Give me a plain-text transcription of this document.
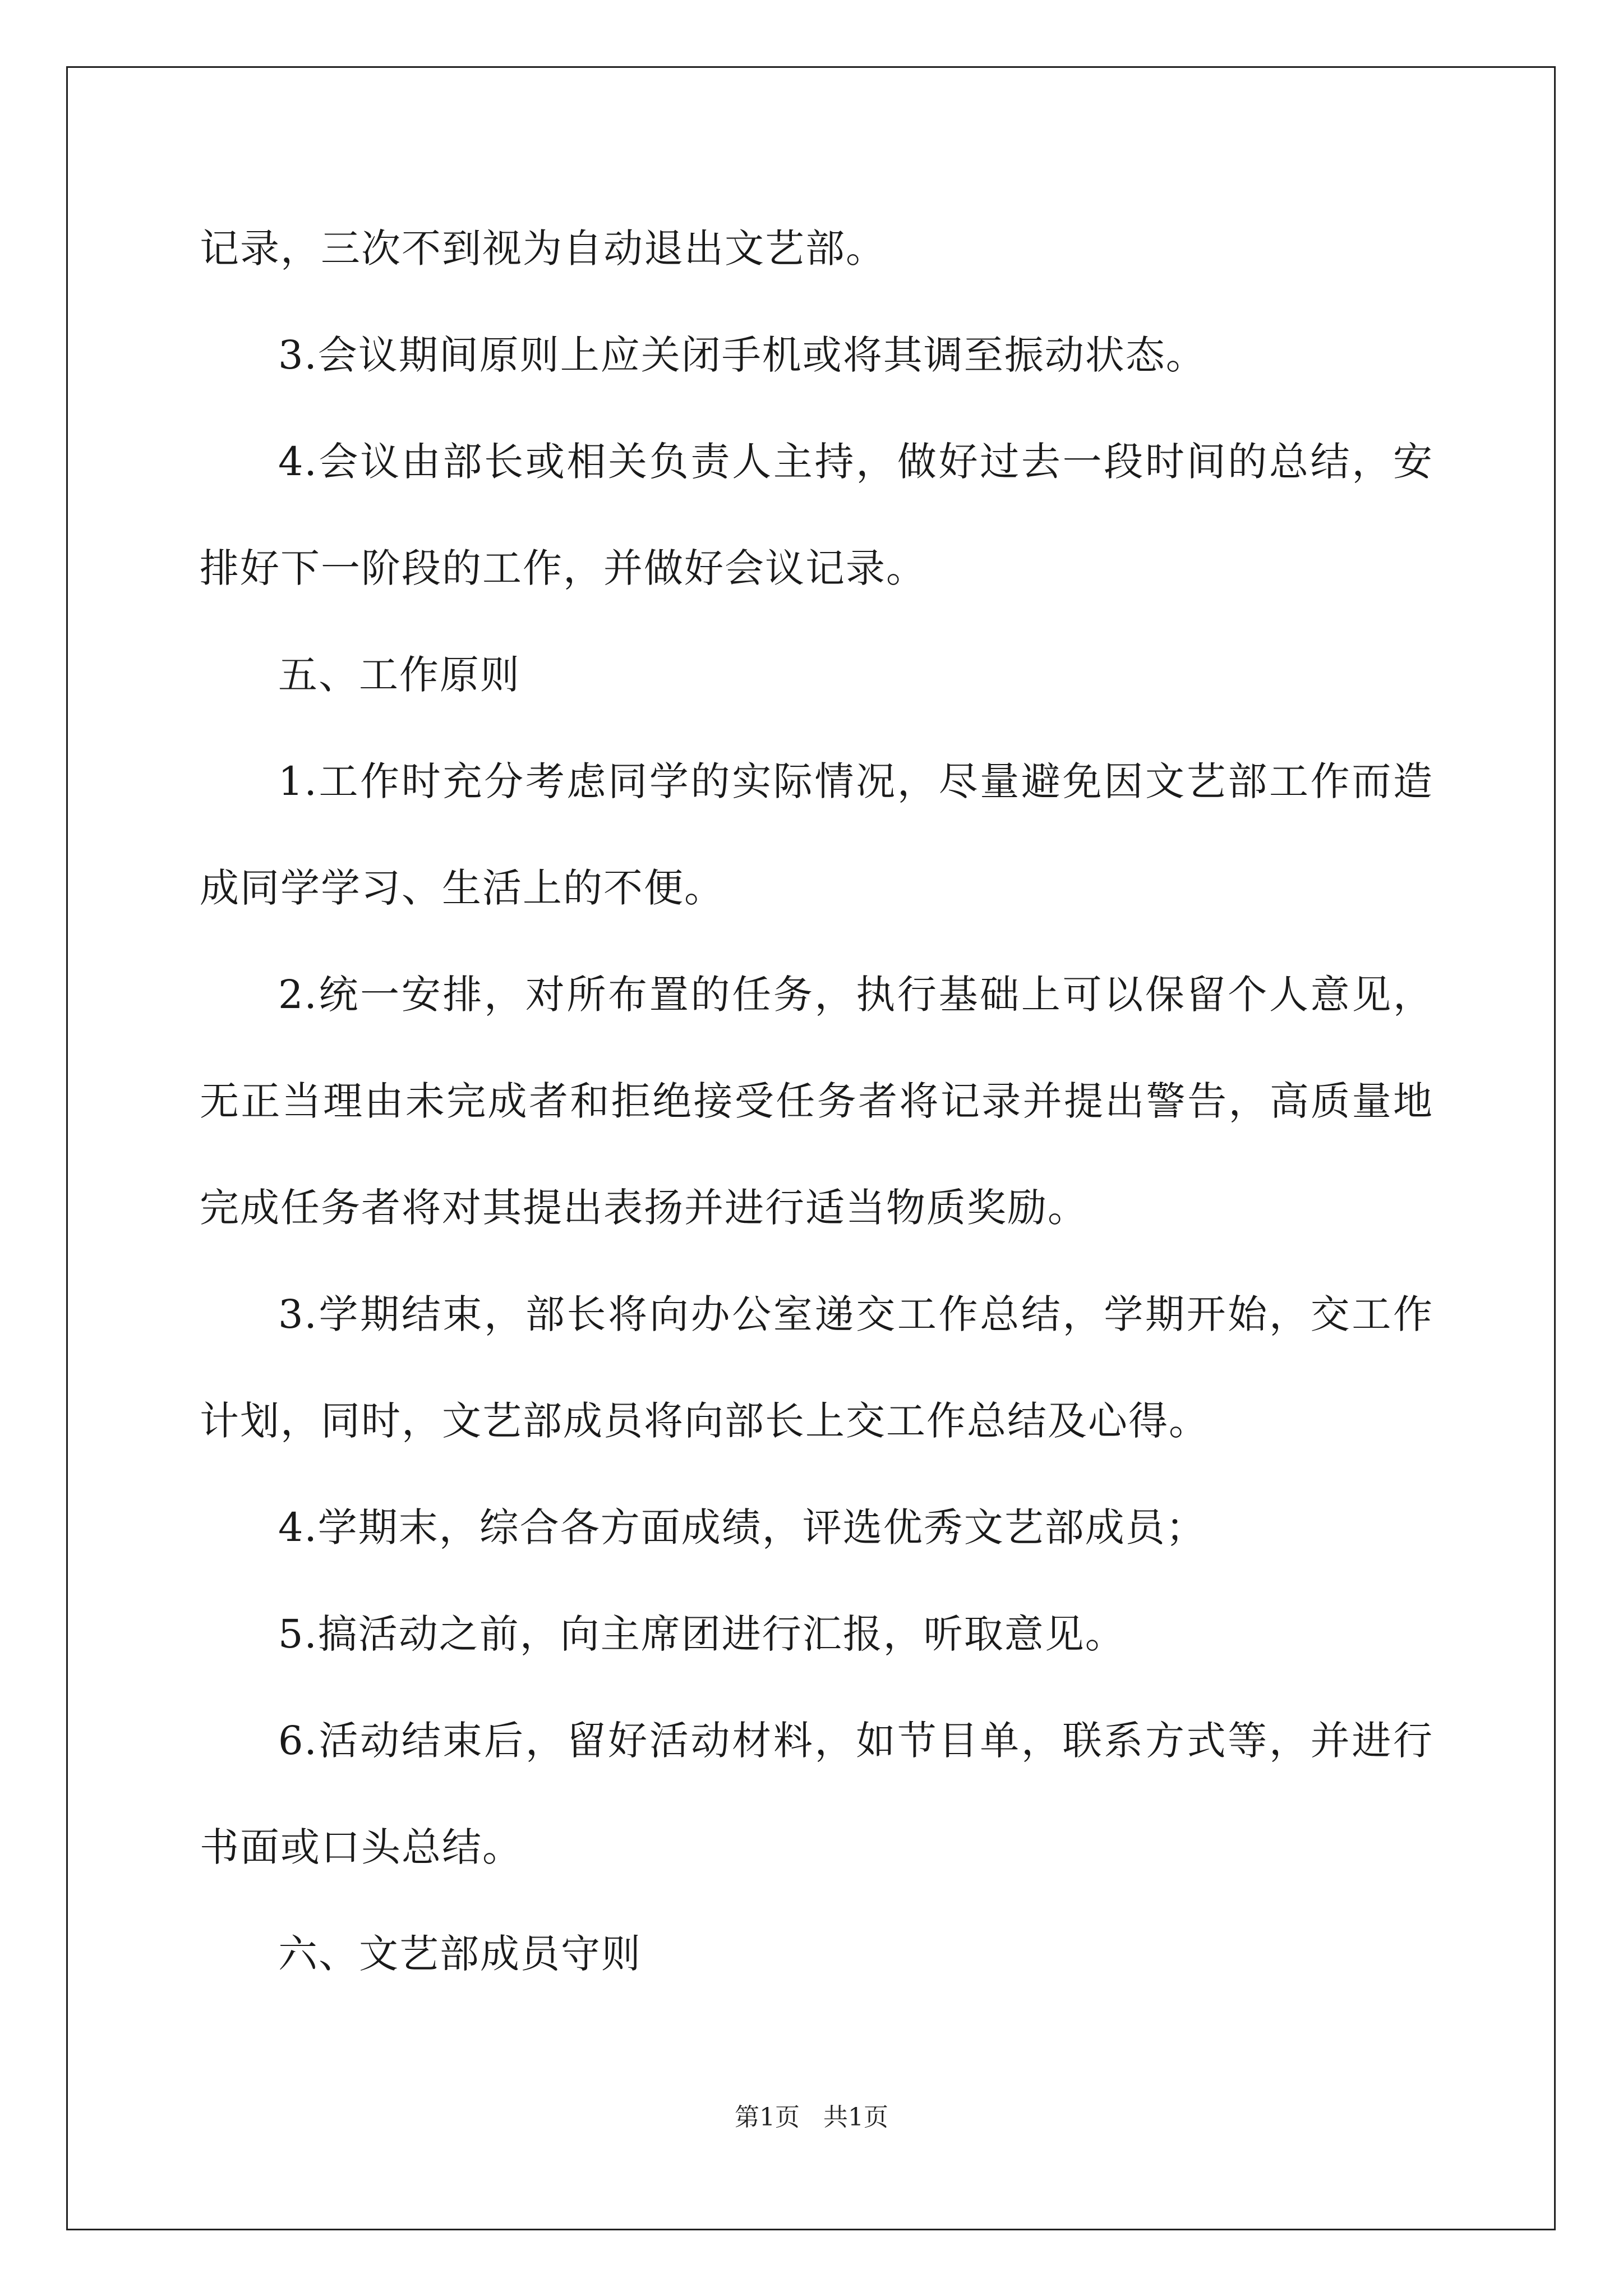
记录，三次不到视为自动退出文艺部。
3.会议期间原则上应关闭手机或将其调至振动状态。
4.会议由部长或相关负责人主持，做好过去一段时间的总结，安
排好下一阶段的工作，并做好会议记录。
五、工作原则
1.工作时充分考虑同学的实际情况，尽量避免因文艺部工作而造
成同学学习、生活上的不便。
2.统一安排，对所布置的任务，执行基础上可以保留个人意见，
无正当理由未完成者和拒绝接受任务者将记录并提出警告，高质量地
完成任务者将对其提出表扬并进行适当物质奖励。
3.学期结束，部长将向办公室递交工作总结，学期开始，交工作
计划，同时，文艺部成员将向部长上交工作总结及心得。
4.学期末，综合各方面成绩，评选优秀文艺部成员；
5.搞活动之前，向主席团进行汇报，听取意见。
6.活动结束后，留好活动材料，如节目单，联系方式等，并进行
书面或口头总结。
六、文艺部成员守则
第1页 共1页
